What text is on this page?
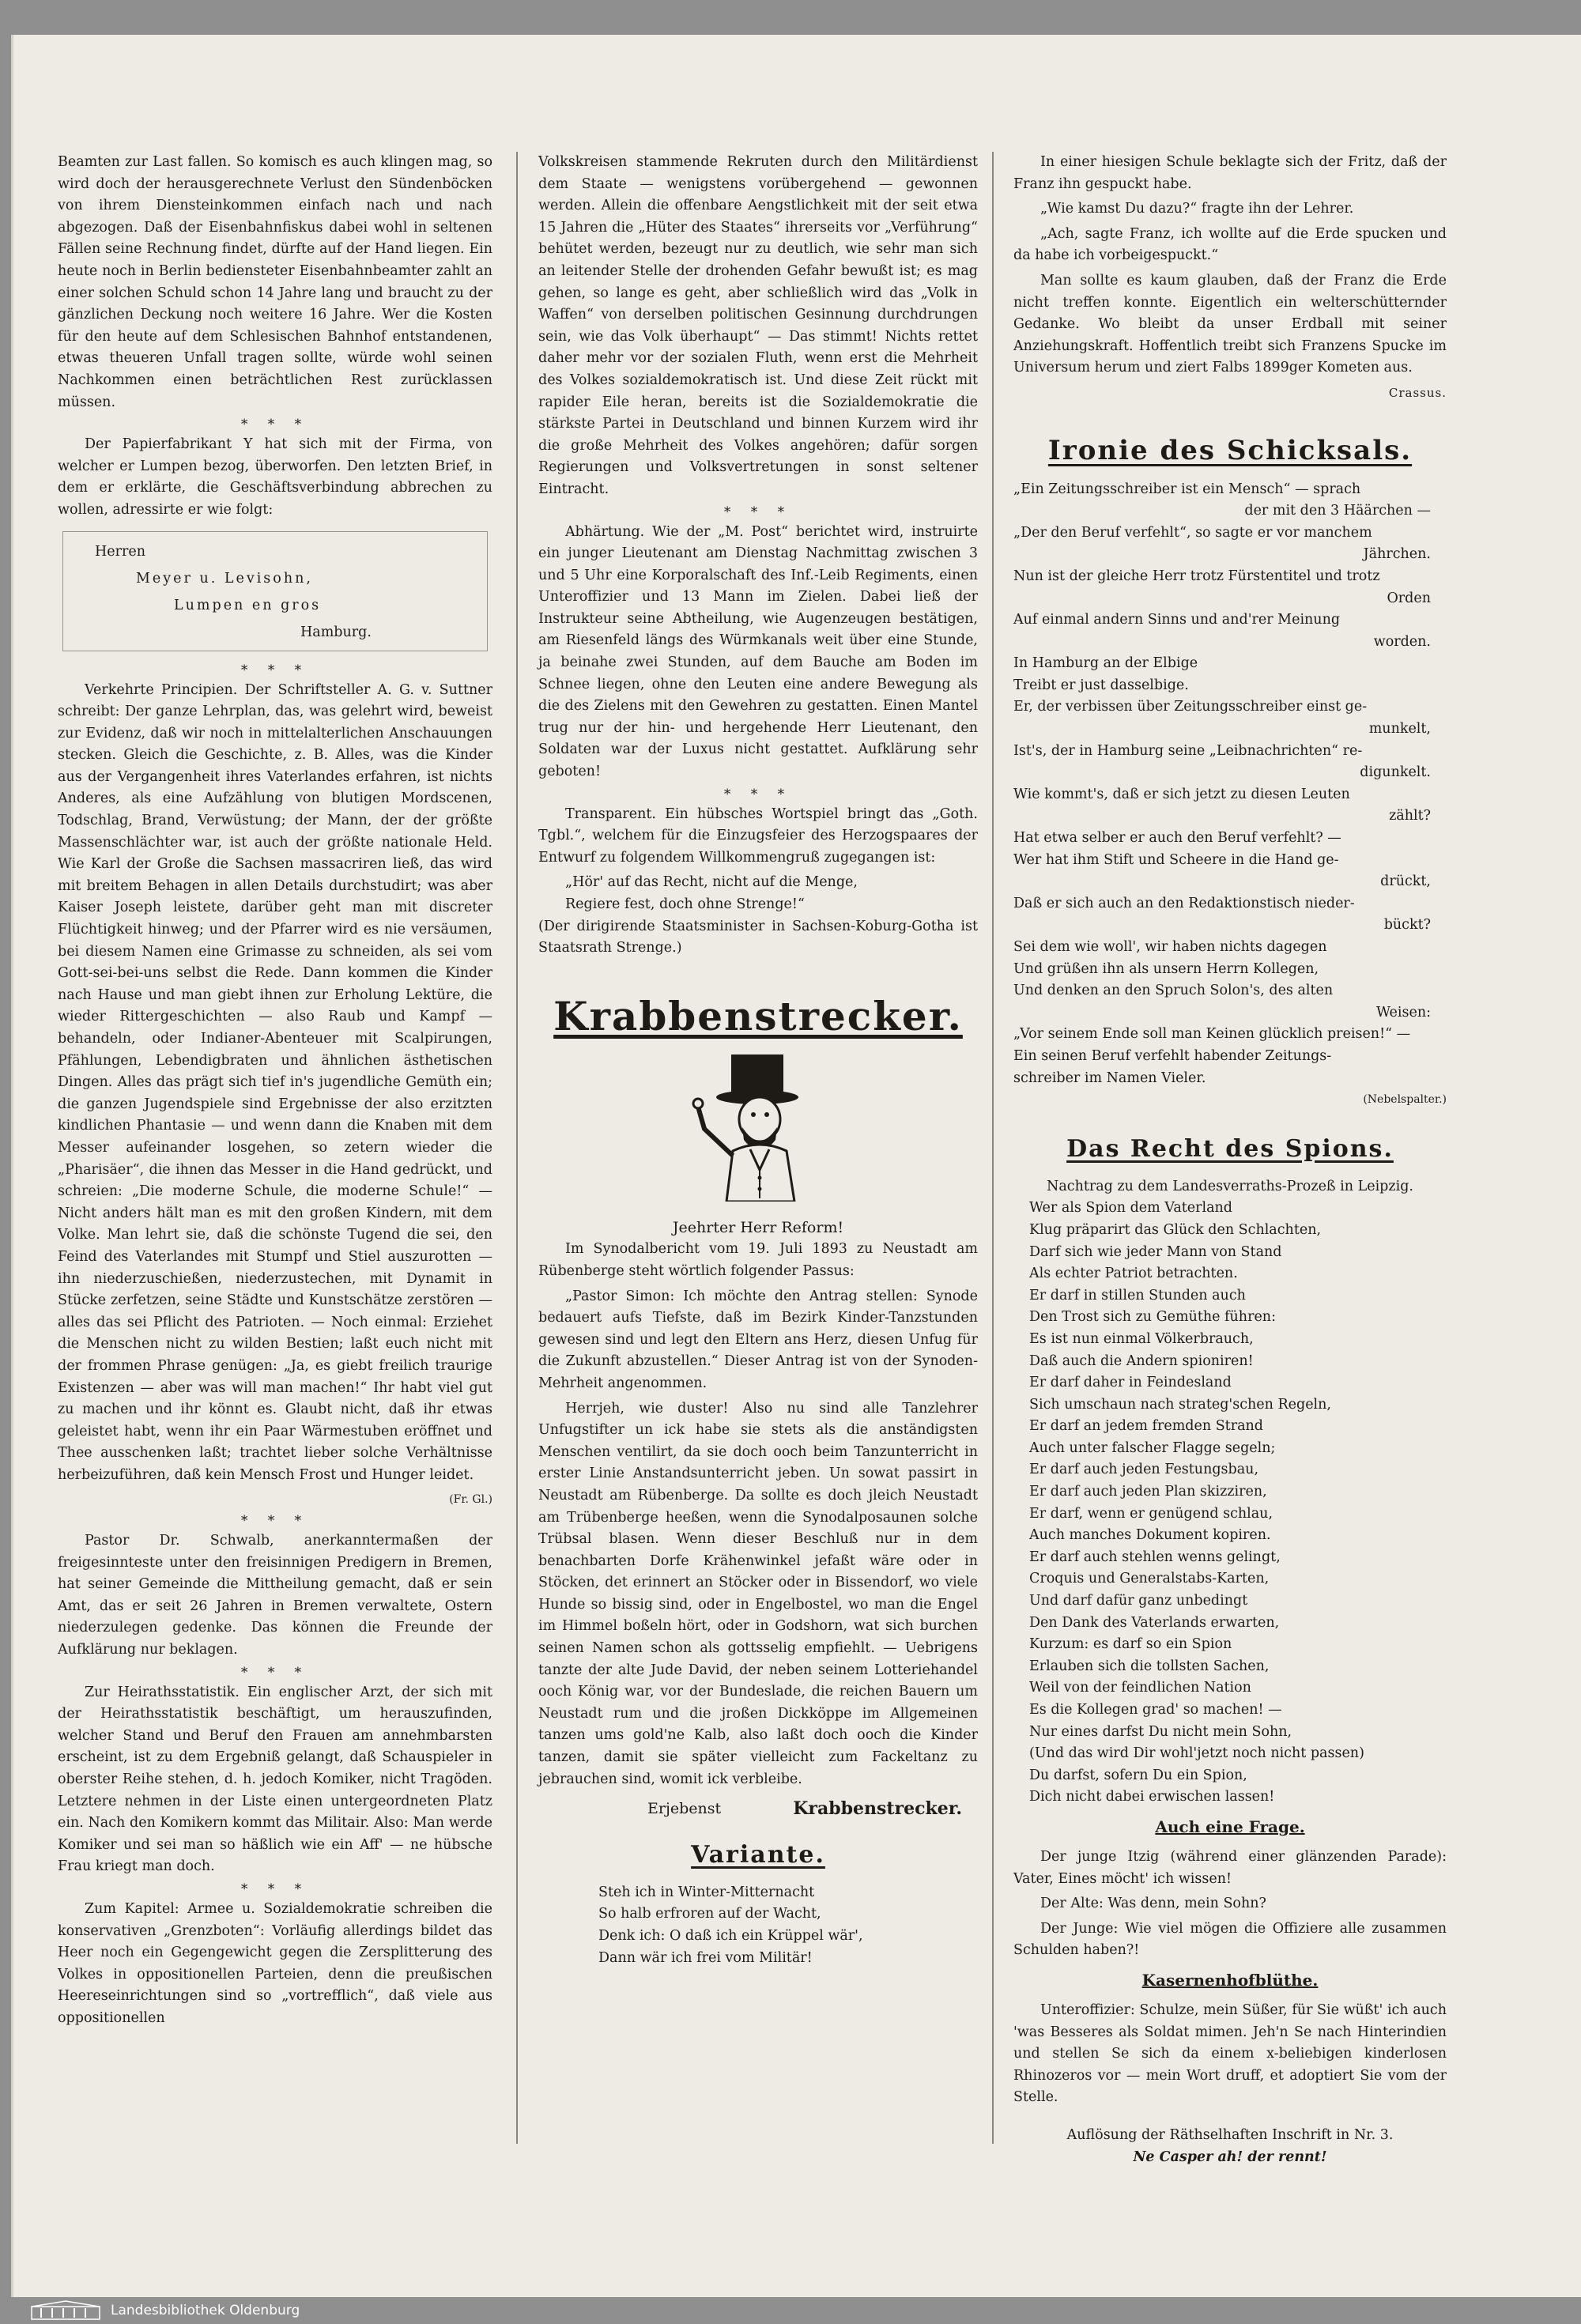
Beamten zur Last fallen. So komisch es auch klingen mag, so wird doch der herausgerechnete Verlust den Sündenböcken von ihrem Diensteinkommen einfach nach und nach abgezogen. Daß der Eisenbahnfiskus dabei wohl in seltenen Fällen seine Rechnung findet, dürfte auf der Hand liegen. Ein heute noch in Berlin bediensteter Eisenbahnbeamter zahlt an einer solchen Schuld schon 14 Jahre lang und braucht zu der gänzlichen Deckung noch weitere 16 Jahre. Wer die Kosten für den heute auf dem Schlesischen Bahnhof entstandenen, etwas theueren Unfall tragen sollte, würde wohl seinen Nachkommen einen beträchtlichen Rest zurücklassen müssen.

* * *

Der Papierfabrikant Y hat sich mit der Firma, von welcher er Lumpen bezog, überworfen. Den letzten Brief, in dem er erklärte, die Geschäftsverbindung abbrechen zu wollen, adressirte er wie folgt:

Herren
Meyer u. Levisohn,
Lumpen en gros
Hamburg.
* * *

Verkehrte Principien. Der Schriftsteller A. G. v. Suttner schreibt: Der ganze Lehrplan, das, was gelehrt wird, beweist zur Evidenz, daß wir noch in mittelalterlichen Anschauungen stecken. Gleich die Geschichte, z. B. Alles, was die Kinder aus der Vergangenheit ihres Vaterlandes erfahren, ist nichts Anderes, als eine Aufzählung von blutigen Mordscenen, Todschlag, Brand, Verwüstung; der Mann, der der größte Massenschlächter war, ist auch der größte nationale Held. Wie Karl der Große die Sachsen massacriren ließ, das wird mit breitem Behagen in allen Details durchstudirt; was aber Kaiser Joseph leistete, darüber geht man mit discreter Flüchtigkeit hinweg; und der Pfarrer wird es nie versäumen, bei diesem Namen eine Grimasse zu schneiden, als sei vom Gott-sei-bei-uns selbst die Rede. Dann kommen die Kinder nach Hause und man giebt ihnen zur Erholung Lektüre, die wieder Rittergeschichten — also Raub und Kampf — behandeln, oder Indianer-Abenteuer mit Scalpirungen, Pfählungen, Lebendigbraten und ähnlichen ästhetischen Dingen. Alles das prägt sich tief in's jugendliche Gemüth ein; die ganzen Jugendspiele sind Ergebnisse der also erzitzten kindlichen Phantasie — und wenn dann die Knaben mit dem Messer aufeinander losgehen, so zetern wieder die „Pharisäer“, die ihnen das Messer in die Hand gedrückt, und schreien: „Die moderne Schule, die moderne Schule!“ — Nicht anders hält man es mit den großen Kindern, mit dem Volke. Man lehrt sie, daß die schönste Tugend die sei, den Feind des Vaterlandes mit Stumpf und Stiel auszurotten — ihn niederzuschießen, niederzustechen, mit Dynamit in Stücke zerfetzen, seine Städte und Kunstschätze zerstören — alles das sei Pflicht des Patrioten. — Noch einmal: Erziehet die Menschen nicht zu wilden Bestien; laßt euch nicht mit der frommen Phrase genügen: „Ja, es giebt freilich traurige Existenzen — aber was will man machen!“ Ihr habt viel gut zu machen und ihr könnt es. Glaubt nicht, daß ihr etwas geleistet habt, wenn ihr ein Paar Wärmestuben eröffnet und Thee ausschenken laßt; trachtet lieber solche Verhältnisse herbeizuführen, daß kein Mensch Frost und Hunger leidet.

(Fr. Gl.)
* * *

Pastor Dr. Schwalb, anerkanntermaßen der freigesinnteste unter den freisinnigen Predigern in Bremen, hat seiner Gemeinde die Mittheilung gemacht, daß er sein Amt, das er seit 26 Jahren in Bremen verwaltete, Ostern niederzulegen gedenke. Das können die Freunde der Aufklärung nur beklagen.

* * *

Zur Heirathsstatistik. Ein englischer Arzt, der sich mit der Heirathsstatistik beschäftigt, um herauszufinden, welcher Stand und Beruf den Frauen am annehmbarsten erscheint, ist zu dem Ergebniß gelangt, daß Schauspieler in oberster Reihe stehen, d. h. jedoch Komiker, nicht Tragöden. Letztere nehmen in der Liste einen untergeordneten Platz ein. Nach den Komikern kommt das Militair. Also: Man werde Komiker und sei man so häßlich wie ein Aff' — ne hübsche Frau kriegt man doch.

* * *

Zum Kapitel: Armee u. Sozialdemokratie schreiben die konservativen „Grenzboten“: Vorläufig allerdings bildet das Heer noch ein Gegengewicht gegen die Zersplitterung des Volkes in oppositionellen Parteien, denn die preußischen Heereseinrichtungen sind so „vortrefflich“, daß viele aus oppositionellen

Volkskreisen stammende Rekruten durch den Militärdienst dem Staate — wenigstens vorübergehend — gewonnen werden. Allein die offenbare Aengstlichkeit mit der seit etwa 15 Jahren die „Hüter des Staates“ ihrerseits vor „Verführung“ behütet werden, bezeugt nur zu deutlich, wie sehr man sich an leitender Stelle der drohenden Gefahr bewußt ist; es mag gehen, so lange es geht, aber schließlich wird das „Volk in Waffen“ von derselben politischen Gesinnung durchdrungen sein, wie das Volk überhaupt“ — Das stimmt! Nichts rettet daher mehr vor der sozialen Fluth, wenn erst die Mehrheit des Volkes sozialdemokratisch ist. Und diese Zeit rückt mit rapider Eile heran, bereits ist die Sozialdemokratie die stärkste Partei in Deutschland und binnen Kurzem wird ihr die große Mehrheit des Volkes angehören; dafür sorgen Regierungen und Volksvertretungen in sonst seltener Eintracht.

* * *

Abhärtung. Wie der „M. Post“ berichtet wird, instruirte ein junger Lieutenant am Dienstag Nachmittag zwischen 3 und 5 Uhr eine Korporalschaft des Inf.-Leib Regiments, einen Unteroffizier und 13 Mann im Zielen. Dabei ließ der Instrukteur seine Abtheilung, wie Augenzeugen bestätigen, am Riesenfeld längs des Würmkanals weit über eine Stunde, ja beinahe zwei Stunden, auf dem Bauche am Boden im Schnee liegen, ohne den Leuten eine andere Bewegung als die des Zielens mit den Gewehren zu gestatten. Einen Mantel trug nur der hin- und hergehende Herr Lieutenant, den Soldaten war der Luxus nicht gestattet. Aufklärung sehr geboten!

* * *

Transparent. Ein hübsches Wortspiel bringt das „Goth. Tgbl.“, welchem für die Einzugsfeier des Herzogspaares der Entwurf zu folgendem Willkommengruß zugegangen ist:

„Hör' auf das Recht, nicht auf die Menge,
Regiere fest, doch ohne Strenge!“
(Der dirigirende Staatsminister in Sachsen-Koburg-Gotha ist Staatsrath Strenge.)
Krabbenstrecker.
Jeehrter Herr Reform!

Im Synodalbericht vom 19. Juli 1893 zu Neustadt am Rübenberge steht wörtlich folgender Passus:

„Pastor Simon: Ich möchte den Antrag stellen: Synode bedauert aufs Tiefste, daß im Bezirk Kinder-Tanzstunden gewesen sind und legt den Eltern ans Herz, diesen Unfug für die Zukunft abzustellen.“ Dieser Antrag ist von der Synoden-Mehrheit angenommen.

Herrjeh, wie duster! Also nu sind alle Tanzlehrer Unfugstifter un ick habe sie stets als die anständigsten Menschen ventilirt, da sie doch ooch beim Tanzunterricht in erster Linie Anstandsunterricht jeben. Un sowat passirt in Neustadt am Rübenberge. Da sollte es doch jleich Neustadt am Trübenberge heeßen, wenn die Synodalposaunen solche Trübsal blasen. Wenn dieser Beschluß nur in dem benachbarten Dorfe Krähenwinkel jefaßt wäre oder in Stöcken, det erinnert an Stöcker oder in Bissendorf, wo viele Hunde so bissig sind, oder in Engelbostel, wo man die Engel im Himmel boßeln hört, oder in Godshorn, wat sich burchen seinen Namen schon als gottsselig empfiehlt. — Uebrigens tanzte der alte Jude David, der neben seinem Lotteriehandel ooch König war, vor der Bundeslade, die reichen Bauern um Neustadt rum und die jroßen Dickköppe im Allgemeinen tanzen ums gold'ne Kalb, also laßt doch ooch die Kinder tanzen, damit sie später vielleicht zum Fackeltanz zu jebrauchen sind, womit ick verbleibe.

Erjebenst	Krabbenstrecker.
Variante.
Steh ich in Winter-Mitternacht
So halb erfroren auf der Wacht,
Denk ich: O daß ich ein Krüppel wär',
Dann wär ich frei vom Militär!

In einer hiesigen Schule beklagte sich der Fritz, daß der Franz ihn gespuckt habe.

„Wie kamst Du dazu?“ fragte ihn der Lehrer.

„Ach, sagte Franz, ich wollte auf die Erde spucken und da habe ich vorbeigespuckt.“

Man sollte es kaum glauben, daß der Franz die Erde nicht treffen konnte. Eigentlich ein welterschütternder Gedanke. Wo bleibt da unser Erdball mit seiner Anziehungskraft. Hoffentlich treibt sich Franzens Spucke im Universum herum und ziert Falbs 1899ger Kometen aus.

Crassus.
Ironie des Schicksals.
„Ein Zeitungsschreiber ist ein Mensch“ — sprach
der mit den 3 Häärchen —
„Der den Beruf verfehlt“, so sagte er vor manchem
Jährchen.
Nun ist der gleiche Herr trotz Fürstentitel und trotz
Orden
Auf einmal andern Sinns und and'rer Meinung
worden.
In Hamburg an der Elbige
Treibt er just dasselbige.
Er, der verbissen über Zeitungsschreiber einst ge-
munkelt,
Ist's, der in Hamburg seine „Leibnachrichten“ re-
digunkelt.
Wie kommt's, daß er sich jetzt zu diesen Leuten
zählt?
Hat etwa selber er auch den Beruf verfehlt? —
Wer hat ihm Stift und Scheere in die Hand ge-
drückt,
Daß er sich auch an den Redaktionstisch nieder-
bückt?
Sei dem wie woll', wir haben nichts dagegen
Und grüßen ihn als unsern Herrn Kollegen,
Und denken an den Spruch Solon's, des alten
Weisen:
„Vor seinem Ende soll man Keinen glücklich preisen!“ —
Ein seinen Beruf verfehlt habender Zeitungs-
schreiber im Namen Vieler.
(Nebelspalter.)
Das Recht des Spions.
Nachtrag zu dem Landesverraths-Prozeß in Leipzig.
Wer als Spion dem Vaterland
Klug präparirt das Glück den Schlachten,
Darf sich wie jeder Mann von Stand
Als echter Patriot betrachten.
Er darf in stillen Stunden auch
Den Trost sich zu Gemüthe führen:
Es ist nun einmal Völkerbrauch,
Daß auch die Andern spioniren!
Er darf daher in Feindesland
Sich umschaun nach strateg'schen Regeln,
Er darf an jedem fremden Strand
Auch unter falscher Flagge segeln;
Er darf auch jeden Festungsbau,
Er darf auch jeden Plan skizziren,
Er darf, wenn er genügend schlau,
Auch manches Dokument kopiren.
Er darf auch stehlen wenns gelingt,
Croquis und Generalstabs-Karten,
Und darf dafür ganz unbedingt
Den Dank des Vaterlands erwarten,
Kurzum: es darf so ein Spion
Erlauben sich die tollsten Sachen,
Weil von der feindlichen Nation
Es die Kollegen grad' so machen! —
Nur eines darfst Du nicht mein Sohn,
(Und das wird Dir wohl'jetzt noch nicht passen)
Du darfst, sofern Du ein Spion,
Dich nicht dabei erwischen lassen!
Auch eine Frage.

Der junge Itzig (während einer glänzenden Parade): Vater, Eines möcht' ich wissen!

Der Alte: Was denn, mein Sohn?

Der Junge: Wie viel mögen die Offiziere alle zusammen Schulden haben?!

Kasernenhofblüthe.

Unteroffizier: Schulze, mein Süßer, für Sie wüßt' ich auch 'was Besseres als Soldat mimen. Jeh'n Se nach Hinterindien und stellen Se sich da einem x-beliebigen kinderlosen Rhinozeros vor — mein Wort druff, et adoptiert Sie vom der Stelle.

Auflösung der Räthselhaften Inschrift in Nr. 3.
Ne Casper ah! der rennt!
Landesbibliothek Oldenburg
